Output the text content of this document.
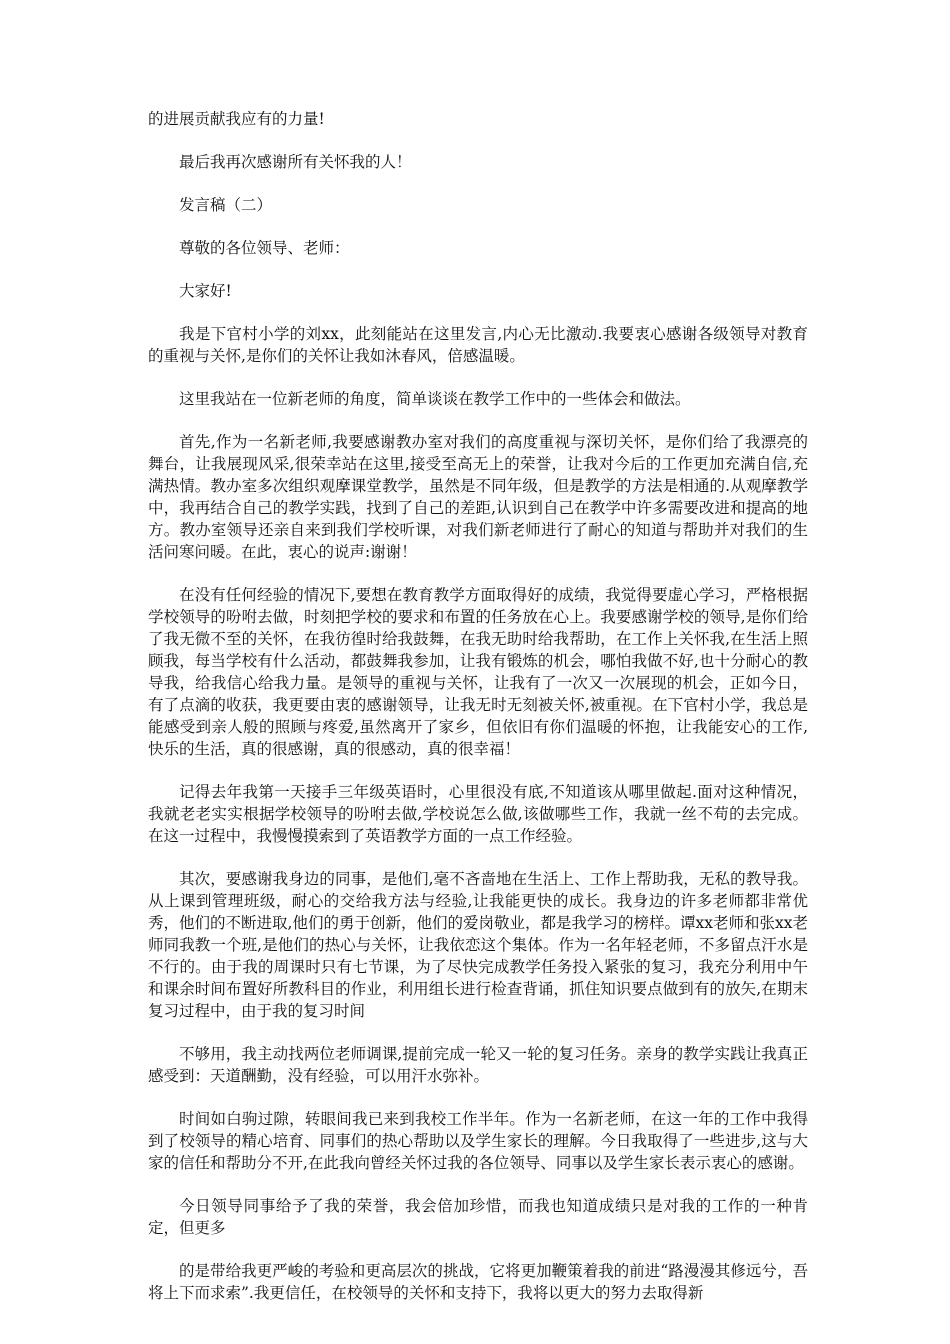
的进展贡献我应有的力量!

最后我再次感谢所有关怀我的人！

发言稿（二）

尊敬的各位领导、老师：

大家好!

我是下官村小学的刘xx，此刻能站在这里发言,内心无比激动.我要衷心感谢各级领导对教育的重视与关怀,是你们的关怀让我如沐春风，倍感温暖。

这里我站在一位新老师的角度，简单谈谈在教学工作中的一些体会和做法。

首先,作为一名新老师,我要感谢教办室对我们的高度重视与深切关怀，是你们给了我漂亮的舞台，让我展现风采,很荣幸站在这里,接受至高无上的荣誉，让我对今后的工作更加充满自信,充满热情。教办室多次组织观摩课堂教学，虽然是不同年级，但是教学的方法是相通的.从观摩教学中，我再结合自己的教学实践，找到了自己的差距,认识到自己在教学中许多需要改进和提高的地方。教办室领导还亲自来到我们学校听课，对我们新老师进行了耐心的知道与帮助并对我们的生活问寒问暖。在此，衷心的说声:谢谢！

在没有任何经验的情况下,要想在教育教学方面取得好的成绩，我觉得要虚心学习，严格根据学校领导的吩咐去做，时刻把学校的要求和布置的任务放在心上。我要感谢学校的领导,是你们给了我无微不至的关怀，在我彷徨时给我鼓舞，在我无助时给我帮助，在工作上关怀我,在生活上照顾我，每当学校有什么活动，都鼓舞我参加，让我有锻炼的机会，哪怕我做不好,也十分耐心的教导我，给我信心给我力量。是领导的重视与关怀，让我有了一次又一次展现的机会，正如今日，有了点滴的收获，我更要由衷的感谢领导，让我无时无刻被关怀,被重视。在下官村小学，我总是能感受到亲人般的照顾与疼爱,虽然离开了家乡，但依旧有你们温暖的怀抱，让我能安心的工作,快乐的生活，真的很感谢，真的很感动，真的很幸福！

记得去年我第一天接手三年级英语时，心里很没有底,不知道该从哪里做起.面对这种情况，我就老老实实根据学校领导的吩咐去做,学校说怎么做,该做哪些工作，我就一丝不苟的去完成。在这一过程中，我慢慢摸索到了英语教学方面的一点工作经验。

其次，要感谢我身边的同事，是他们,毫不吝啬地在生活上、工作上帮助我，无私的教导我。从上课到管理班级，耐心的交给我方法与经验,让我能更快的成长。我身边的许多老师都非常优秀，他们的不断进取,他们的勇于创新，他们的爱岗敬业，都是我学习的榜样。谭xx老师和张xx老师同我教一个班,是他们的热心与关怀，让我依恋这个集体。作为一名年轻老师，不多留点汗水是不行的。由于我的周课时只有七节课，为了尽快完成教学任务投入紧张的复习，我充分利用中午和课余时间布置好所教科目的作业，利用组长进行检查背诵，抓住知识要点做到有的放矢,在期末复习过程中，由于我的复习时间

不够用，我主动找两位老师调课,提前完成一轮又一轮的复习任务。亲身的教学实践让我真正感受到：天道酬勤，没有经验，可以用汗水弥补。

时间如白驹过隙，转眼间我已来到我校工作半年。作为一名新老师，在这一年的工作中我得到了校领导的精心培育、同事们的热心帮助以及学生家长的理解。今日我取得了一些进步,这与大家的信任和帮助分不开,在此我向曾经关怀过我的各位领导、同事以及学生家长表示衷心的感谢。

今日领导同事给予了我的荣誉，我会倍加珍惜，而我也知道成绩只是对我的工作的一种肯定，但更多

的是带给我更严峻的考验和更高层次的挑战，它将更加鞭策着我的前进“路漫漫其修远兮，吾将上下而求索”.我更信任，在校领导的关怀和支持下，我将以更大的努力去取得新
